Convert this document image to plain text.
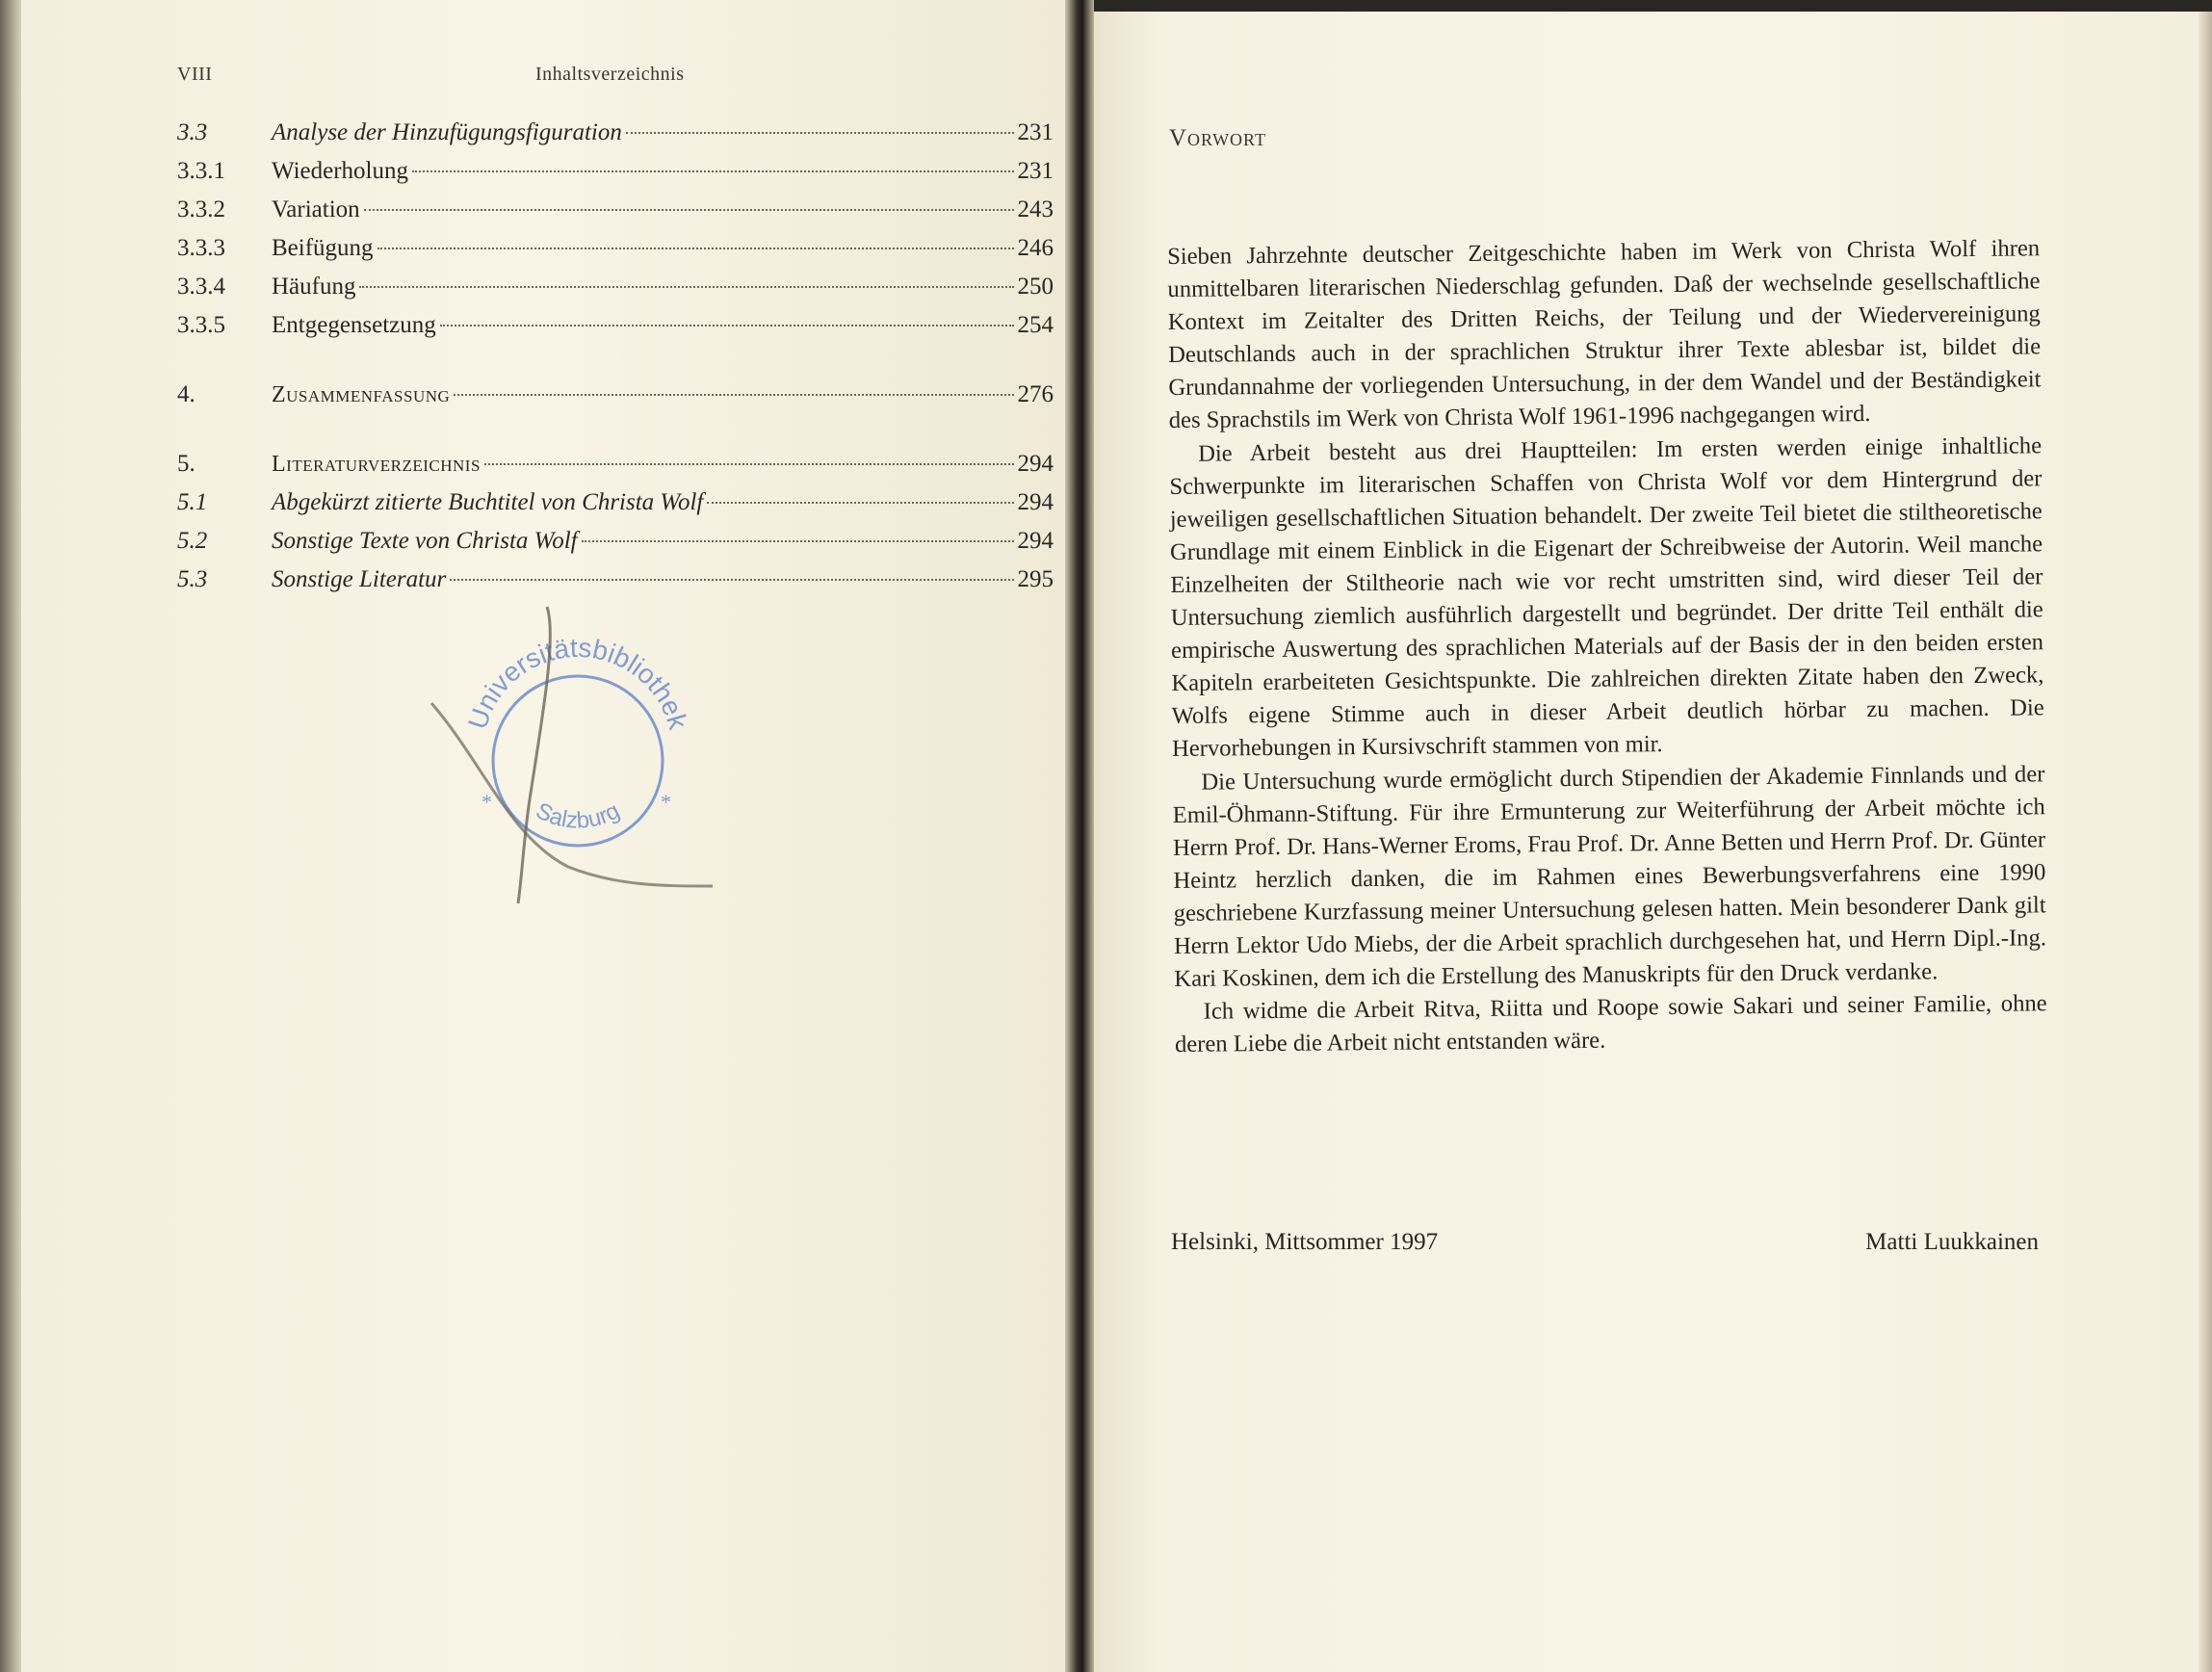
VIII	Inhaltsverzeichnis
3.3	Analyse der Hinzufügungsfiguration	231
3.3.1 Wiederholung	231
3.3.2 Variation	243
3.3.3 Beifügung	246
3.3.4 Häufung	250
3.3.5 Entgegensetzung	254
4.	Zusammenfassung	276
5.	Literaturverzeichnis	294
5.1	Abgekürzt zitierte Buchtitel von Christa Wolf	294
5.2	Sonstige Texte von Christa Wolf	294
5.3	Sonstige Literatur	295
Universitätsbibliothek
Salzburg
*	*
Vorwort

Sieben Jahrzehnte deutscher Zeitgeschichte haben im Werk von Christa Wolf ihren unmittelbaren literarischen Niederschlag gefunden. Daß der wechselnde gesellschaftliche Kontext im Zeitalter des Dritten Reichs, der Teilung und der Wiedervereinigung Deutschlands auch in der sprachlichen Struktur ihrer Texte ablesbar ist, bildet die Grundannahme der vorliegenden Untersuchung, in der dem Wandel und der Beständigkeit des Sprachstils im Werk von Christa Wolf 1961-1996 nachgegangen wird.

Die Arbeit besteht aus drei Hauptteilen: Im ersten werden einige inhaltliche Schwerpunkte im literarischen Schaffen von Christa Wolf vor dem Hintergrund der jeweiligen gesellschaftlichen Situation behandelt. Der zweite Teil bietet die stiltheoretische Grundlage mit einem Einblick in die Eigenart der Schreibweise der Autorin. Weil manche Einzelheiten der Stiltheorie nach wie vor recht umstritten sind, wird dieser Teil der Untersuchung ziemlich ausführlich dargestellt und begründet. Der dritte Teil enthält die empirische Auswertung des sprachlichen Materials auf der Basis der in den beiden ersten Kapiteln erarbeiteten Gesichtspunkte. Die zahlreichen direkten Zitate haben den Zweck, Wolfs eigene Stimme auch in dieser Arbeit deutlich hörbar zu machen. Die Hervorhebungen in Kursivschrift stammen von mir.

Die Untersuchung wurde ermöglicht durch Stipendien der Akademie Finnlands und der Emil-Öhmann-Stiftung. Für ihre Ermunterung zur Weiterführung der Arbeit möchte ich Herrn Prof. Dr. Hans-Werner Eroms, Frau Prof. Dr. Anne Betten und Herrn Prof. Dr. Günter Heintz herzlich danken, die im Rahmen eines Bewerbungsverfahrens eine 1990 geschriebene Kurzfassung meiner Untersuchung gelesen hatten. Mein besonderer Dank gilt Herrn Lektor Udo Miebs, der die Arbeit sprachlich durchgesehen hat, und Herrn Dipl.-Ing. Kari Koskinen, dem ich die Erstellung des Manuskripts für den Druck verdanke.

Ich widme die Arbeit Ritva, Riitta und Roope sowie Sakari und seiner Familie, ohne deren Liebe die Arbeit nicht entstanden wäre.

Helsinki, Mittsommer 1997	Matti Luukkainen
